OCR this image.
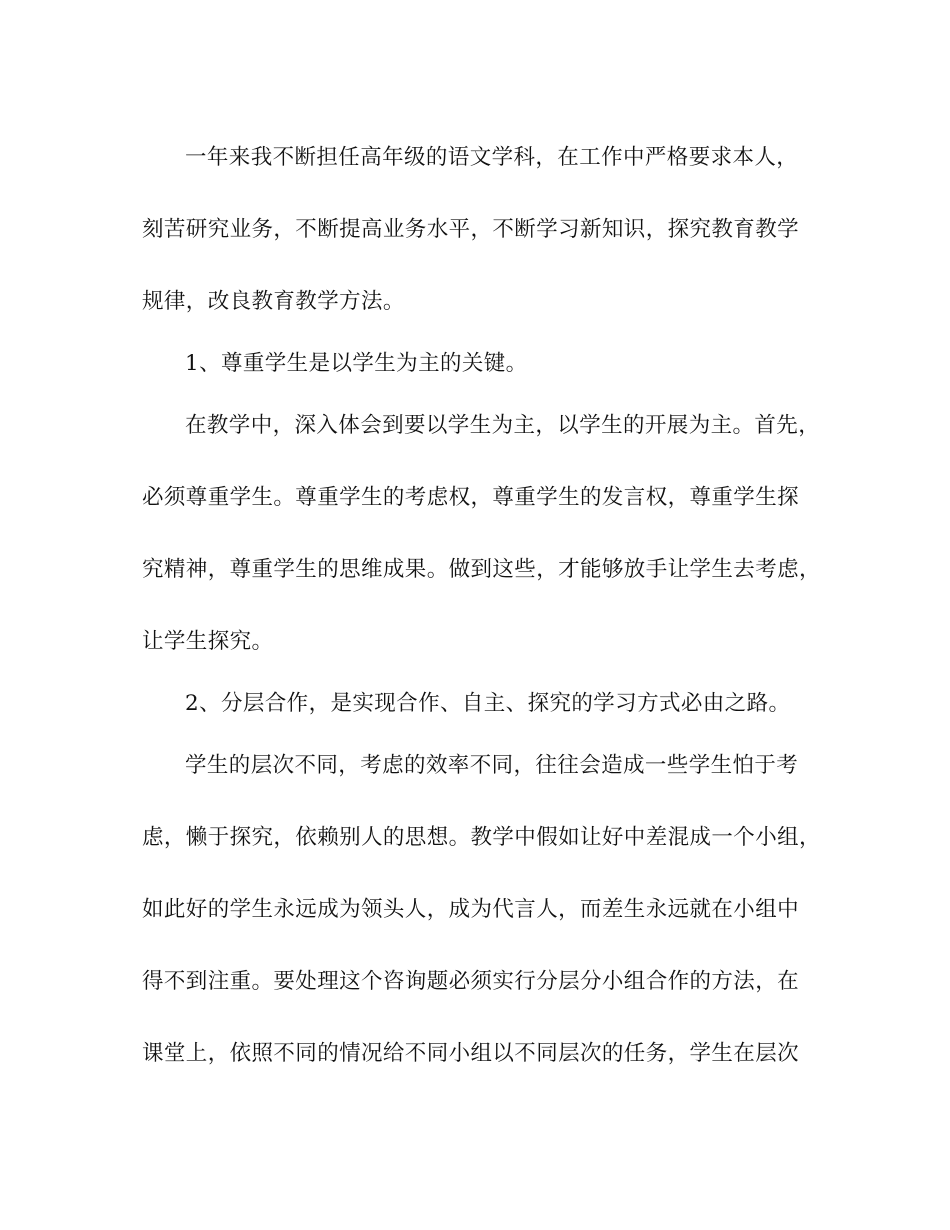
一年来我不断担任高年级的语文学科，在工作中严格要求本人，

刻苦研究业务，不断提高业务水平，不断学习新知识，探究教育教学

规律，改良教育教学方法。

1、尊重学生是以学生为主的关键。

在教学中，深入体会到要以学生为主，以学生的开展为主。首先，

必须尊重学生。尊重学生的考虑权，尊重学生的发言权，尊重学生探

究精神，尊重学生的思维成果。做到这些，才能够放手让学生去考虑，

让学生探究。

2、分层合作，是实现合作、自主、探究的学习方式必由之路。

学生的层次不同，考虑的效率不同，往往会造成一些学生怕于考

虑，懒于探究，依赖别人的思想。教学中假如让好中差混成一个小组，

如此好的学生永远成为领头人，成为代言人，而差生永远就在小组中

得不到注重。要处理这个咨询题必须实行分层分小组合作的方法，在

课堂上，依照不同的情况给不同小组以不同层次的任务，学生在层次
